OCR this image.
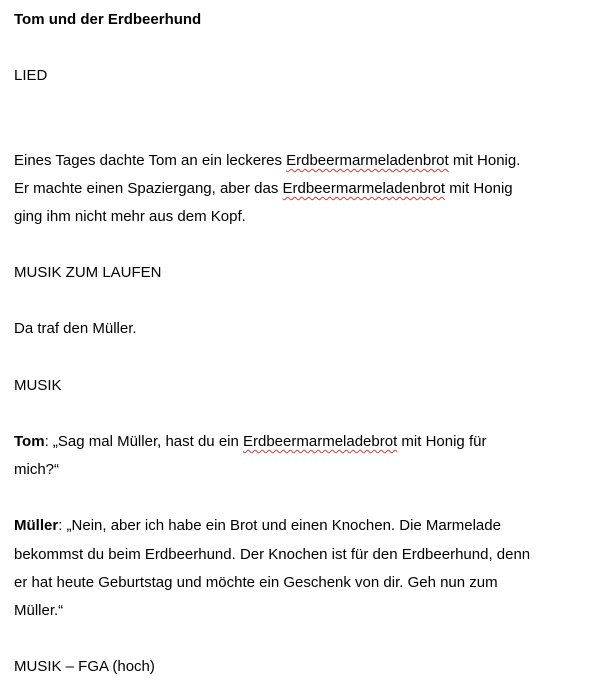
Tom und der Erdbeerhund
LIED
Eines Tages dachte Tom an ein leckeres Erdbeermarmeladenbrot mit Honig.
Er machte einen Spaziergang, aber das Erdbeermarmeladenbrot mit Honig
ging ihm nicht mehr aus dem Kopf.
MUSIK ZUM LAUFEN
Da traf den Müller.
MUSIK
Tom: „Sag mal Müller, hast du ein Erdbeermarmeladebrot mit Honig für
mich?“
Müller: „Nein, aber ich habe ein Brot und einen Knochen. Die Marmelade
bekommst du beim Erdbeerhund. Der Knochen ist für den Erdbeerhund, denn
er hat heute Geburtstag und möchte ein Geschenk von dir. Geh nun zum
Müller.“
MUSIK – FGA (hoch)
